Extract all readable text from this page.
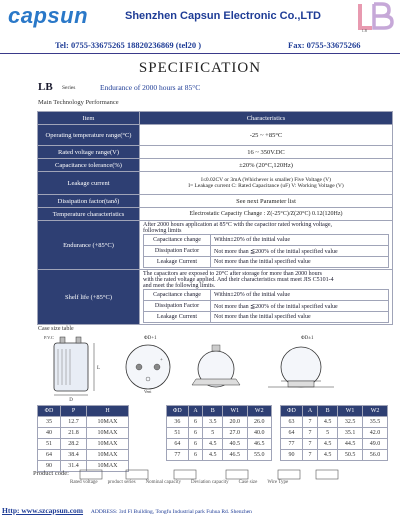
capsun	Shenzhen Capsun Electronic Co.,LTD
LB
Tel: 0755-33675265 18820236869 (tel20 )	Fax: 0755-33675266
SPECIFICATION
LB Series	Endurance of 2000 hours at 85°C
Main Technology Performance
Item	Characteristics
Operating temperature range(°C)	-25 ~ +85°C
Rated voltage range(V)	16 ~ 350V.DC
Capacitance tolerance(%)	±20% (20°C,120Hz)
Leakage current	I≤0.02CV or 3mA (Whichever is smaller) Five Voltage (V)
I= Leakage current C: Rated Capacitance (uF) V: Working Voltage (V)

Dissipation factor(tanδ)	See next Parameter list
Temperature characteristics	Electrostatic Capacity Change : Z(-25°C)/Z(20°C) 0.12(120Hz)
Endurance (+85°C)	
After 2000 hours application at 85°C with the capacitor rated working voltage,
following limits
Capacitance change	Within±20% of the initial value
Dissipation Factor	Not more than ≦200% of the initial specified value
Leakage Current	Not more than the initial specified value

Shelf life (+85°C)	
The capacitors are exposed to 20°C after storage for more than 2000 hours
with the rated voltage applied. And their characteristics must meet JIS C5101-4
and meet the following limits.
Capacitance change	Within±20% of the initial value
Dissipation Factor	Not more than ≦200% of the initial specified value
Leakage Current	Not more than the initial specified value
Case size table
D
L
P.V.C	ΦD+1
+
Vent
ΦD±1
ΦD	P	H
35	12.7	10MAX
40	21.8	10MAX
51	28.2	10MAX
64	38.4	10MAX
90	31.4	10MAX
ΦD	A	B	W1	W2
36	6	3.5	20.0	26.0
51	6	5	27.0	40.0
64	6	4.5	40.5	46.5
77	6	4.5	46.5	55.0
ΦD	A	B	W1	W2
63	7	4.5	32.5	35.5
64	7	5	35.1	42.0
77	7	4.5	44.5	49.0
90	7	4.5	50.5	56.0
Product code:
Rated voltage product series Nominal capacity Deviation capacity Case size Wire Type
Http: www.szcapsun.com ADDRESS: 3rd Fl Building, Tongfu Industrial park Fuhua Rd. Shenzhen
